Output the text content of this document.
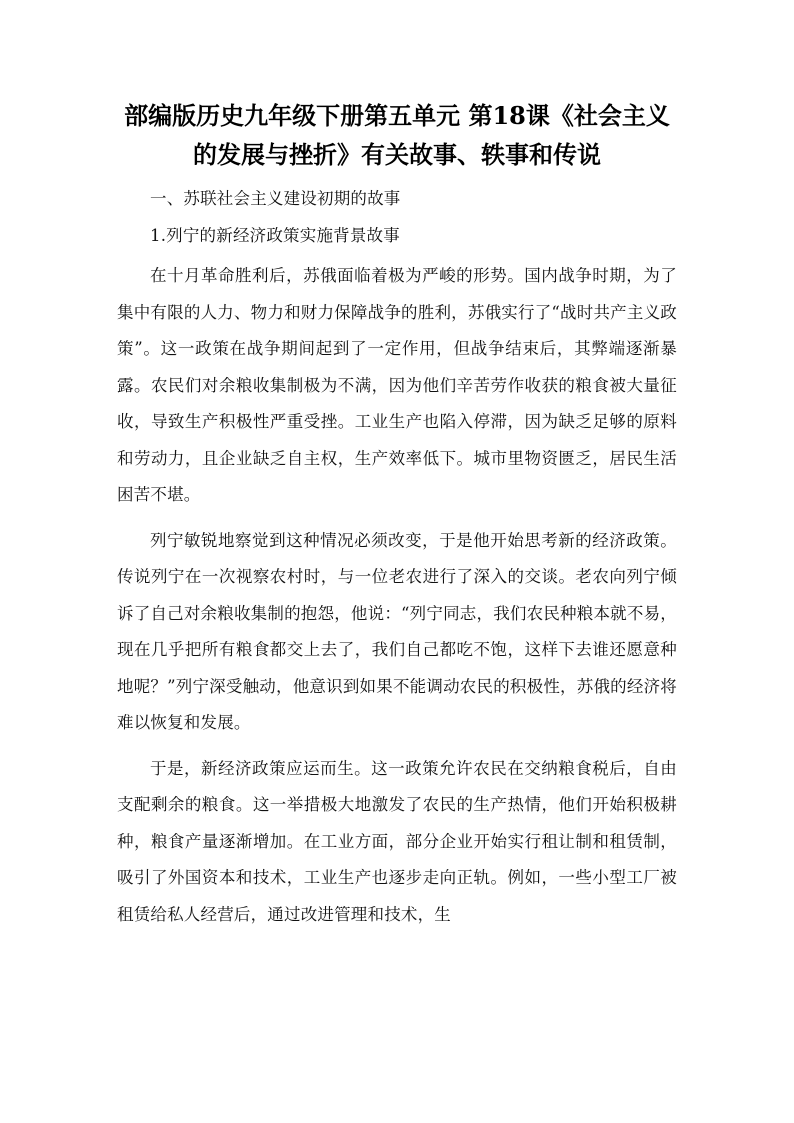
部编版历史九年级下册第五单元 第18课《社会主义
的发展与挫折》有关故事、轶事和传说

一、苏联社会主义建设初期的故事

1.列宁的新经济政策实施背景故事

在十月革命胜利后，苏俄面临着极为严峻的形势。国内战争时期，为了集中有限的人力、物力和财力保障战争的胜利，苏俄实行了“战时共产主义政策”。这一政策在战争期间起到了一定作用，但战争结束后，其弊端逐渐暴露。农民们对余粮收集制极为不满，因为他们辛苦劳作收获的粮食被大量征收，导致生产积极性严重受挫。工业生产也陷入停滞，因为缺乏足够的原料和劳动力，且企业缺乏自主权，生产效率低下。城市里物资匮乏，居民生活困苦不堪。

列宁敏锐地察觉到这种情况必须改变，于是他开始思考新的经济政策。传说列宁在一次视察农村时，与一位老农进行了深入的交谈。老农向列宁倾诉了自己对余粮收集制的抱怨，他说：“列宁同志，我们农民种粮本就不易，现在几乎把所有粮食都交上去了，我们自己都吃不饱，这样下去谁还愿意种地呢？”列宁深受触动，他意识到如果不能调动农民的积极性，苏俄的经济将难以恢复和发展。

于是，新经济政策应运而生。这一政策允许农民在交纳粮食税后，自由支配剩余的粮食。这一举措极大地激发了农民的生产热情，他们开始积极耕种，粮食产量逐渐增加。在工业方面，部分企业开始实行租让制和租赁制，吸引了外国资本和技术，工业生产也逐步走向正轨。例如，一些小型工厂被租赁给私人经营后，通过改进管理和技术，生
